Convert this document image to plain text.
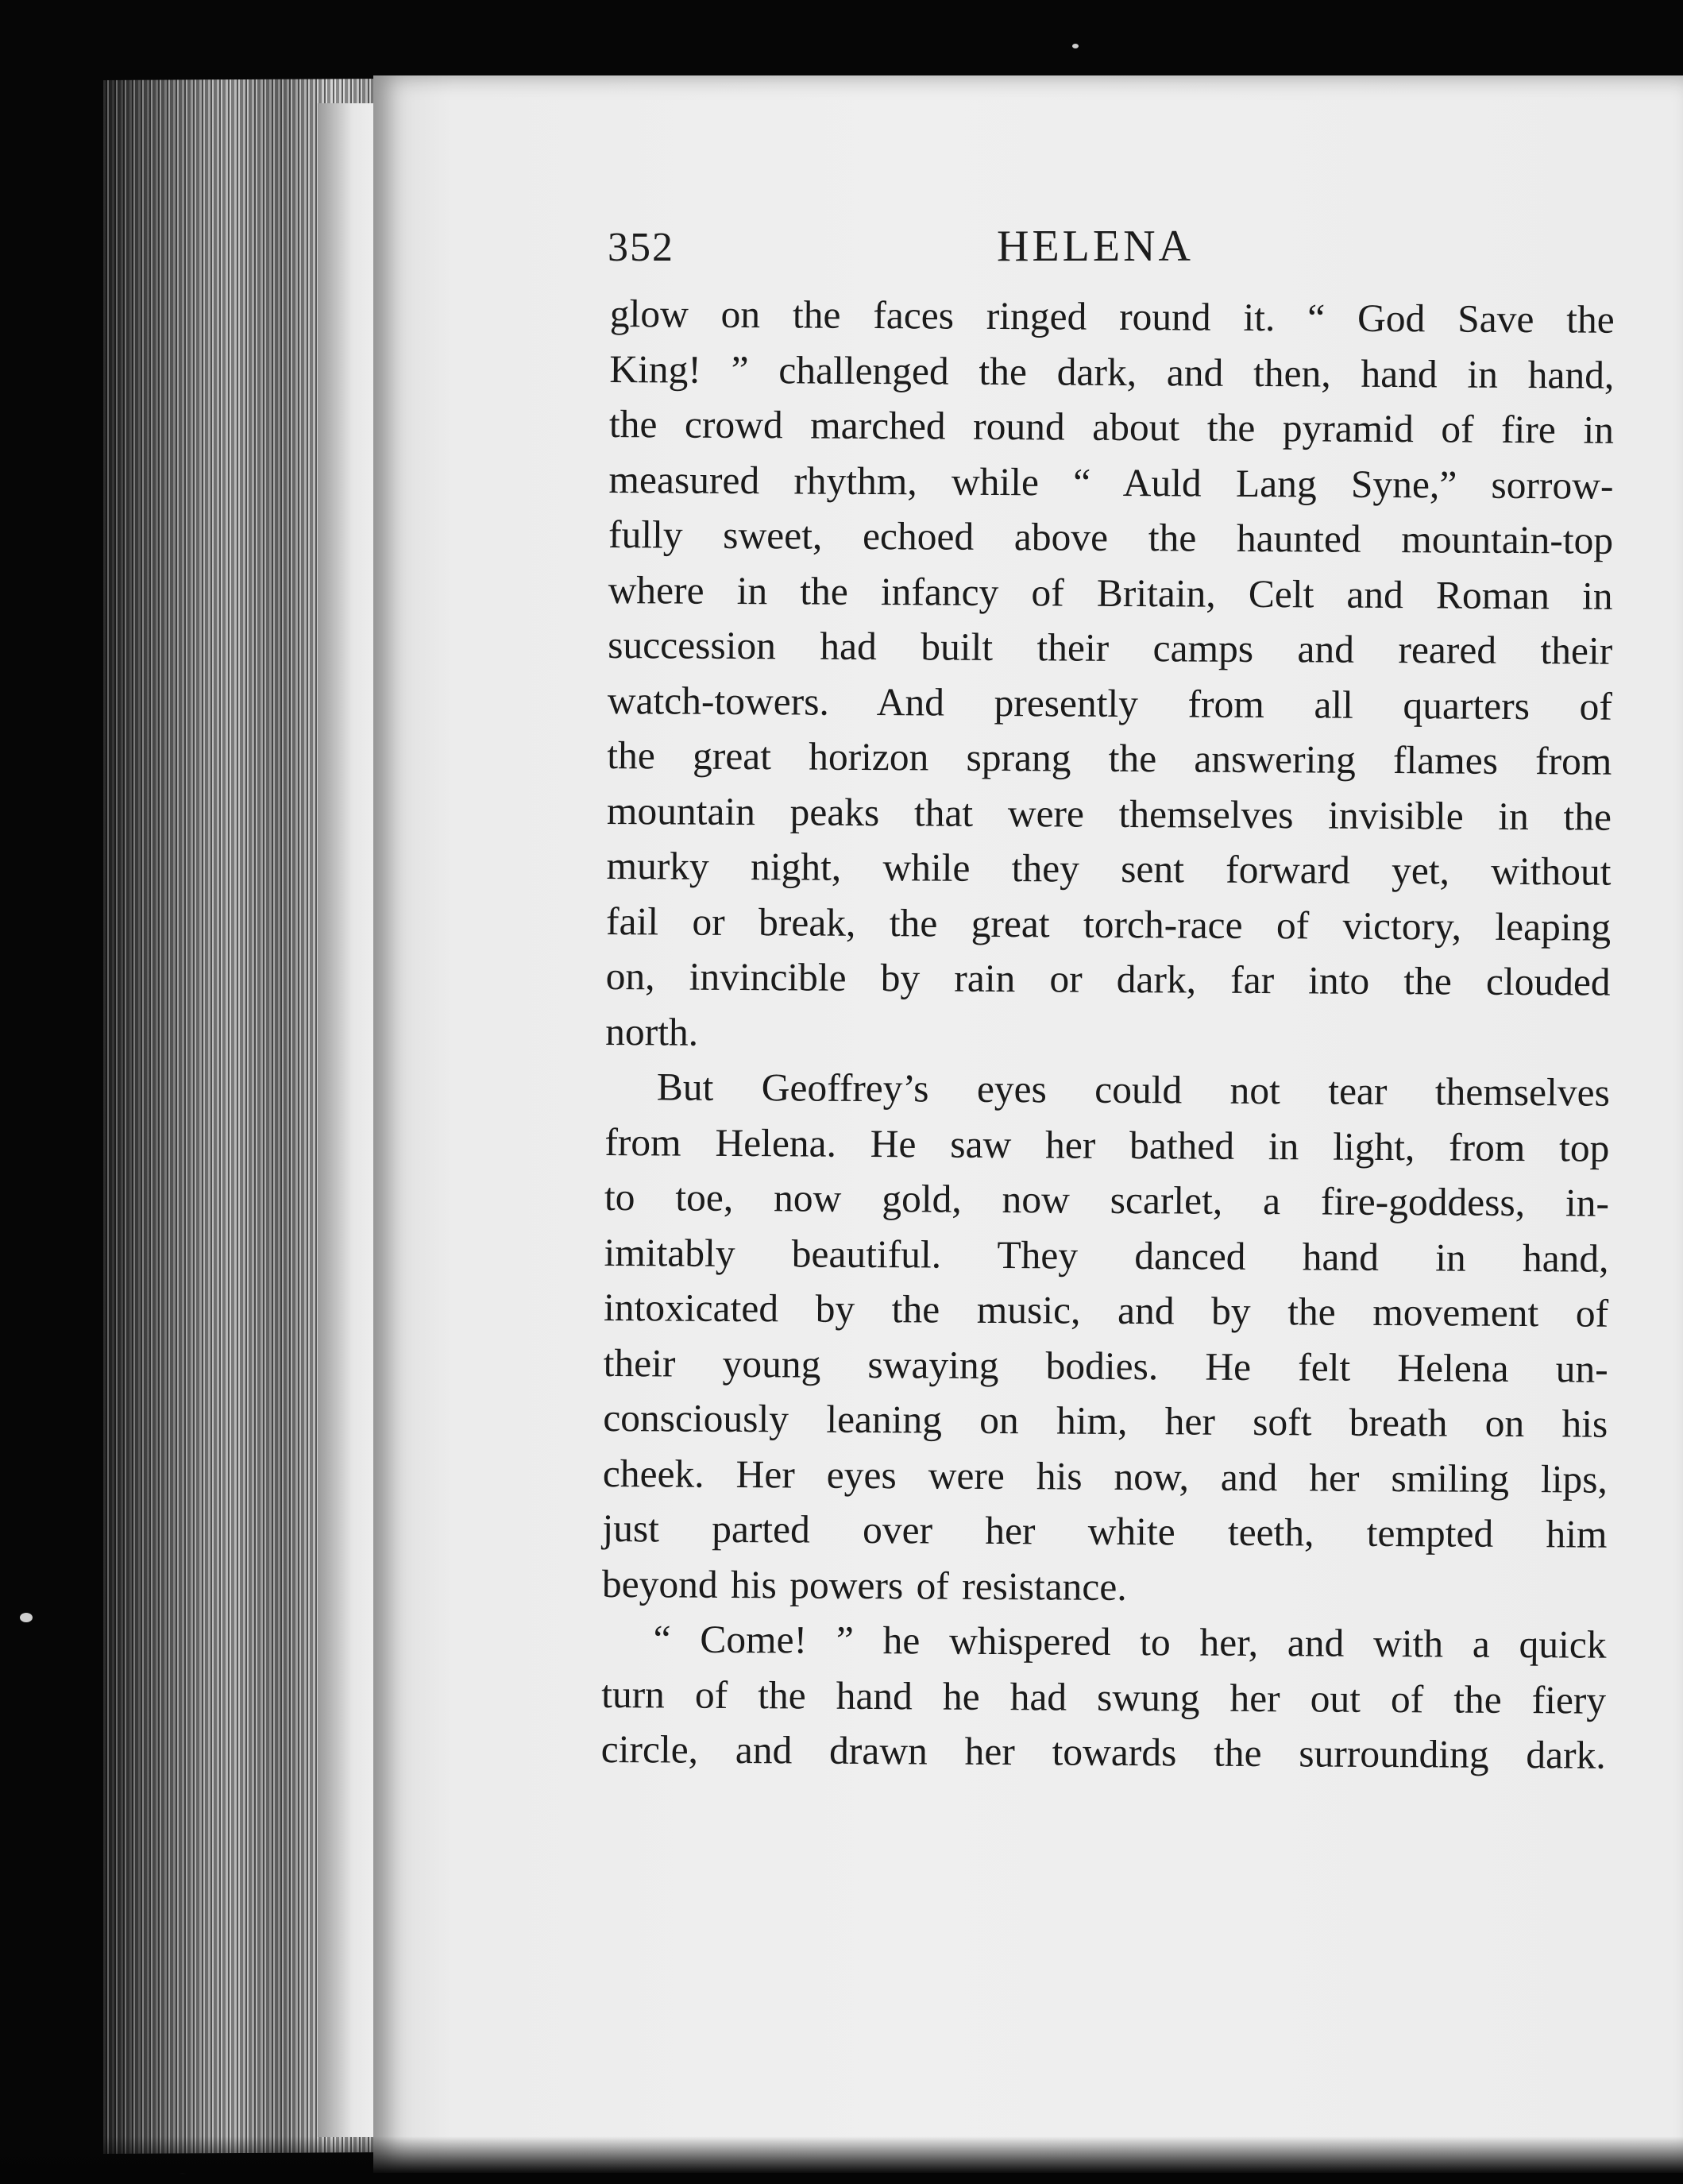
352	HELENA
glow on the faces ringed round it. “ God Save the
King! ” challenged the dark, and then, hand in hand,
the crowd marched round about the pyramid of fire in
measured rhythm, while “ Auld Lang Syne,” sorrow-
fully sweet, echoed above the haunted mountain-top
where in the infancy of Britain, Celt and Roman in
succession had built their camps and reared their
watch-towers. And presently from all quarters of
the great horizon sprang the answering flames from
mountain peaks that were themselves invisible in the
murky night, while they sent forward yet, without
fail or break, the great torch-race of victory, leaping
on, invincible by rain or dark, far into the clouded
north.
But Geoffrey’s eyes could not tear themselves
from Helena. He saw her bathed in light, from top
to toe, now gold, now scarlet, a fire-goddess, in-
imitably beautiful. They danced hand in hand,
intoxicated by the music, and by the movement of
their young swaying bodies. He felt Helena un-
consciously leaning on him, her soft breath on his
cheek. Her eyes were his now, and her smiling lips,
just parted over her white teeth, tempted him
beyond his powers of resistance.
“ Come! ” he whispered to her, and with a quick
turn of the hand he had swung her out of the fiery
circle, and drawn her towards the surrounding dark.
